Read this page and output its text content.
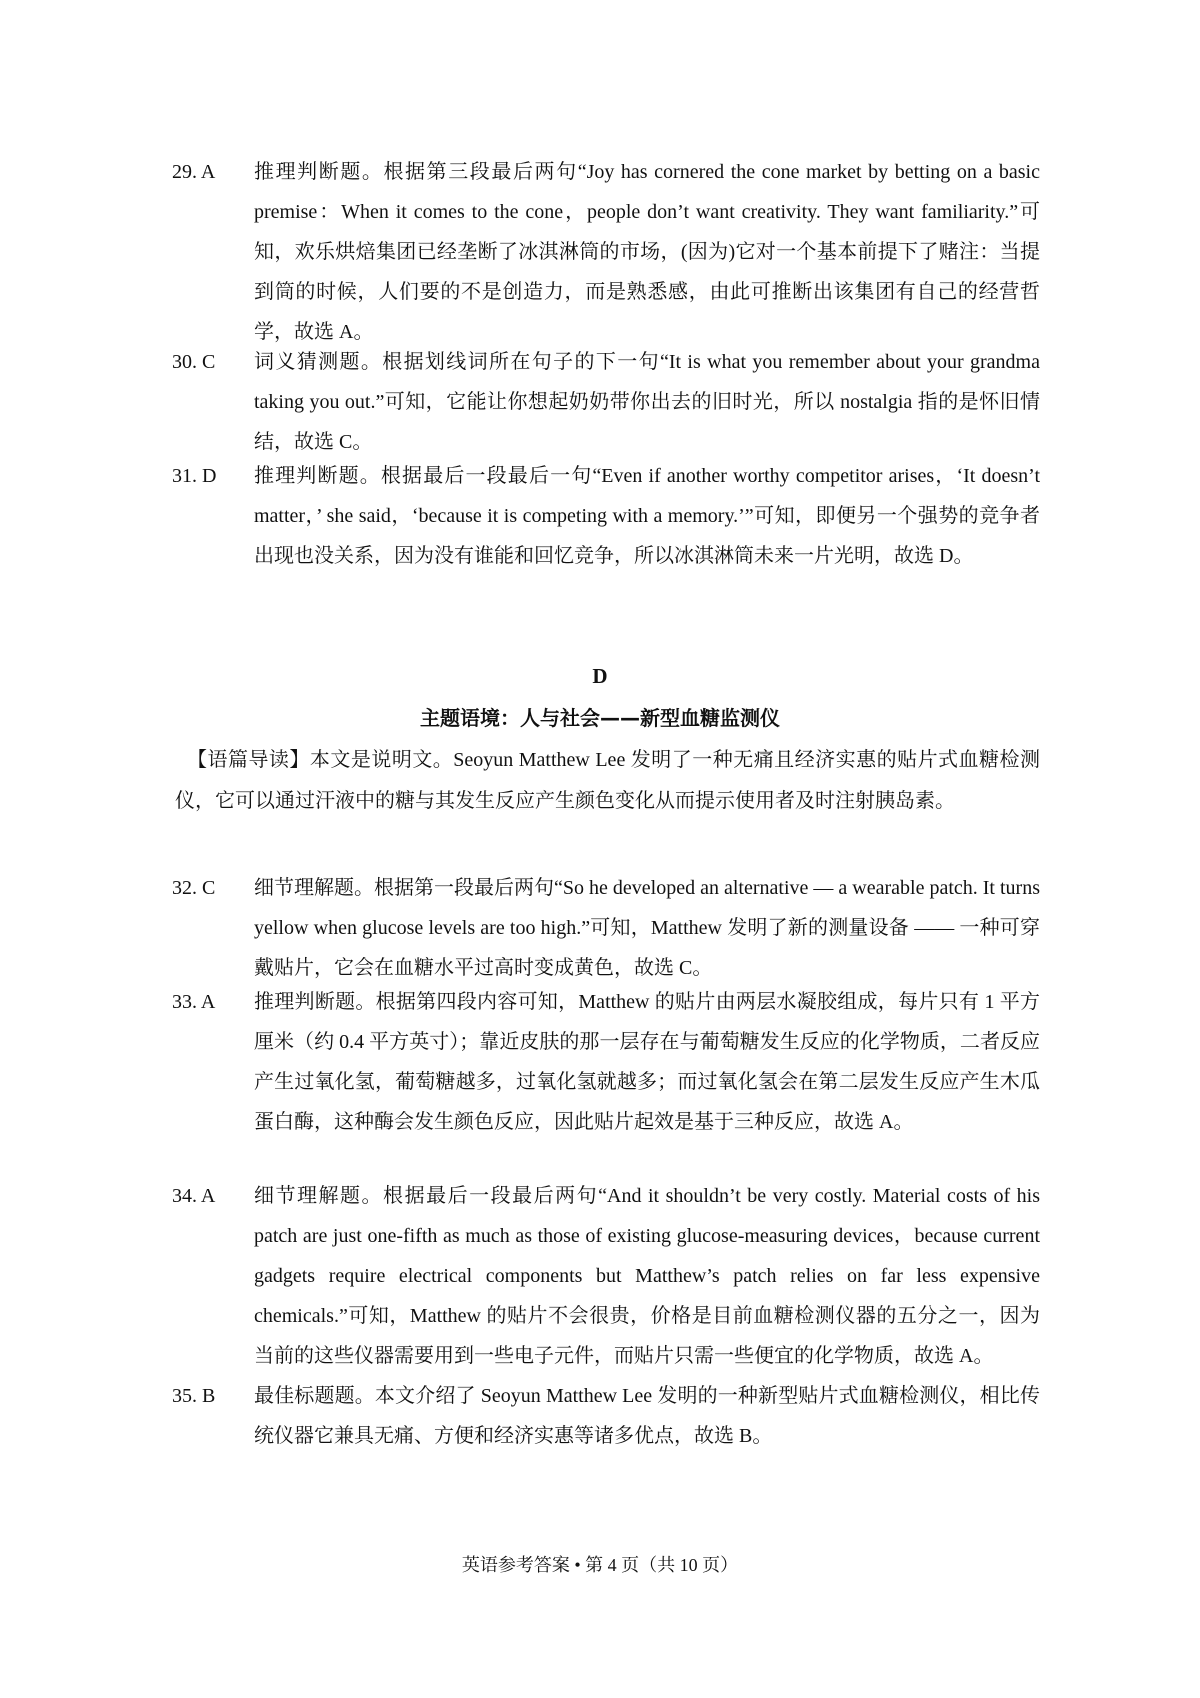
29. A 推理判断题。根据第三段最后两句“Joy has cornered the cone market by betting on a basic premise：When it comes to the cone，people don’t want creativity. They want familiarity.”可知，欢乐烘焙集团已经垄断了冰淇淋筒的市场，(因为)它对一个基本前提下了赌注：当提到筒的时候，人们要的不是创造力，而是熟悉感，由此可推断出该集团有自己的经营哲学，故选 A。
30. C 词义猜测题。根据划线词所在句子的下一句“It is what you remember about your grandma taking you out.”可知，它能让你想起奶奶带你出去的旧时光，所以 nostalgia 指的是怀旧情结，故选 C。
31. D 推理判断题。根据最后一段最后一句“Even if another worthy competitor arises，‘It doesn’t matter，’ she said，‘because it is competing with a memory.’”可知，即便另一个强势的竞争者出现也没关系，因为没有谁能和回忆竞争，所以冰淇淋筒未来一片光明，故选 D。
D
主题语境：人与社会——新型血糖监测仪
【语篇导读】本文是说明文。Seoyun Matthew Lee 发明了一种无痛且经济实惠的贴片式血糖检测仪，它可以通过汗液中的糖与其发生反应产生颜色变化从而提示使用者及时注射胰岛素。
32. C 细节理解题。根据第一段最后两句“So he developed an alternative — a wearable patch. It turns yellow when glucose levels are too high.”可知，Matthew 发明了新的测量设备 —— 一种可穿戴贴片，它会在血糖水平过高时变成黄色，故选 C。
33. A 推理判断题。根据第四段内容可知，Matthew 的贴片由两层水凝胶组成，每片只有 1 平方厘米（约 0.4 平方英寸）；靠近皮肤的那一层存在与葡萄糖发生反应的化学物质，二者反应产生过氧化氢，葡萄糖越多，过氧化氢就越多；而过氧化氢会在第二层发生反应产生木瓜蛋白酶，这种酶会发生颜色反应，因此贴片起效是基于三种反应，故选 A。
34. A 细节理解题。根据最后一段最后两句“And it shouldn’t be very costly. Material costs of his patch are just one-fifth as much as those of existing glucose-measuring devices，because current gadgets require electrical components but Matthew’s patch relies on far less expensive chemicals.”可知，Matthew 的贴片不会很贵，价格是目前血糖检测仪器的五分之一，因为当前的这些仪器需要用到一些电子元件，而贴片只需一些便宜的化学物质，故选 A。
35. B 最佳标题题。本文介绍了 Seoyun Matthew Lee 发明的一种新型贴片式血糖检测仪，相比传统仪器它兼具无痛、方便和经济实惠等诸多优点，故选 B。
英语参考答案 • 第 4 页（共 10 页）
